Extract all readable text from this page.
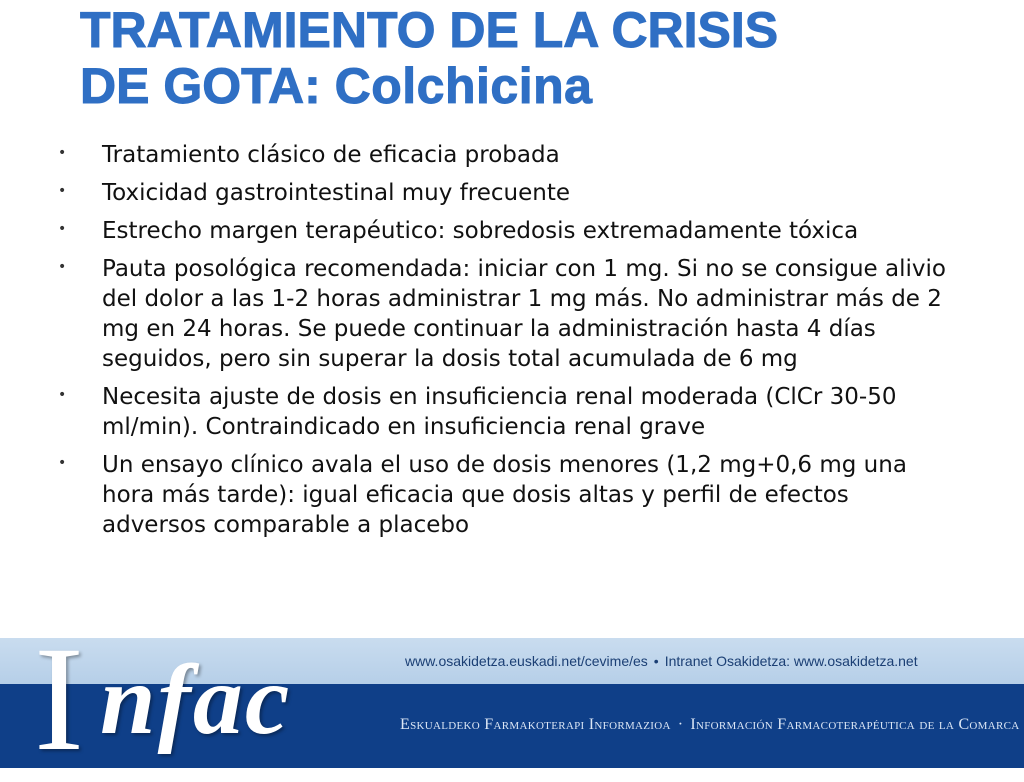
TRATAMIENTO DE LA CRISIS
DE GOTA: Colchicina
• Tratamiento clásico de eficacia probada
• Toxicidad gastrointestinal muy frecuente
• Estrecho margen terapéutico: sobredosis extremadamente tóxica
• Pauta posológica recomendada: iniciar con 1 mg. Si no se consigue alivio del dolor a las 1-2 horas administrar 1 mg más. No administrar más de 2 mg en 24 horas. Se puede continuar la administración hasta 4 días seguidos, pero sin superar la dosis total acumulada de 6 mg
• Necesita ajuste de dosis en insuficiencia renal moderada (ClCr 30-50 ml/min). Contraindicado en insuficiencia renal grave
• Un ensayo clínico avala el uso de dosis menores (1,2 mg+0,6 mg una hora más tarde): igual eficacia que dosis altas y perfil de efectos adversos comparable a placebo
www.osakidetza.euskadi.net/cevime/es • Intranet Osakidetza: www.osakidetza.net
Eskualdeko Farmakoterapi Informazioa · Información Farmacoterapéutica de la Comarca
I nfac
